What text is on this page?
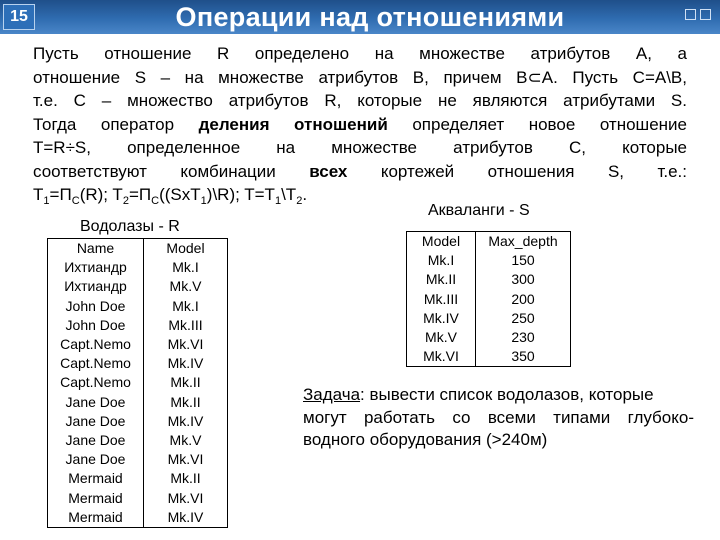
15	Операции над отношениями
Пусть отношение R определено на множестве атрибутов A, а
отношение S – на множестве атрибутов B, причем B⊂A. Пусть C=A\B,
т.е. C – множество атрибутов R, которые не являются атрибутами S.
Тогда оператор деления отношений определяет новое отношение
T=R÷S, определенное на множестве атрибутов C, которые
соответствуют комбинации всех кортежей отношения S, т.е.:
$T_1=\Pi_C(R)$; $T_2=\Pi_C((SxT_1)\backslash R)$; $T=T_1\backslash T_2$.
Водолазы - R
Акваланги - S
Name	Model
Ихтиандр	Mk.I
Ихтиандр	Mk.V
John Doe	Mk.I
John Doe	Mk.III
Capt.Nemo	Mk.VI
Capt.Nemo	Mk.IV
Capt.Nemo	Mk.II
Jane Doe	Mk.II
Jane Doe	Mk.IV
Jane Doe	Mk.V
Jane Doe	Mk.VI
Mermaid	Mk.II
Mermaid	Mk.VI
Mermaid	Mk.IV
Model	Max_depth
Mk.I	150
Mk.II	300
Mk.III	200
Mk.IV	250
Mk.V	230
Mk.VI	350
Задача: вывести список водолазов, которые
могут работать со всеми типами глубоко-
водного оборудования (>240м)
